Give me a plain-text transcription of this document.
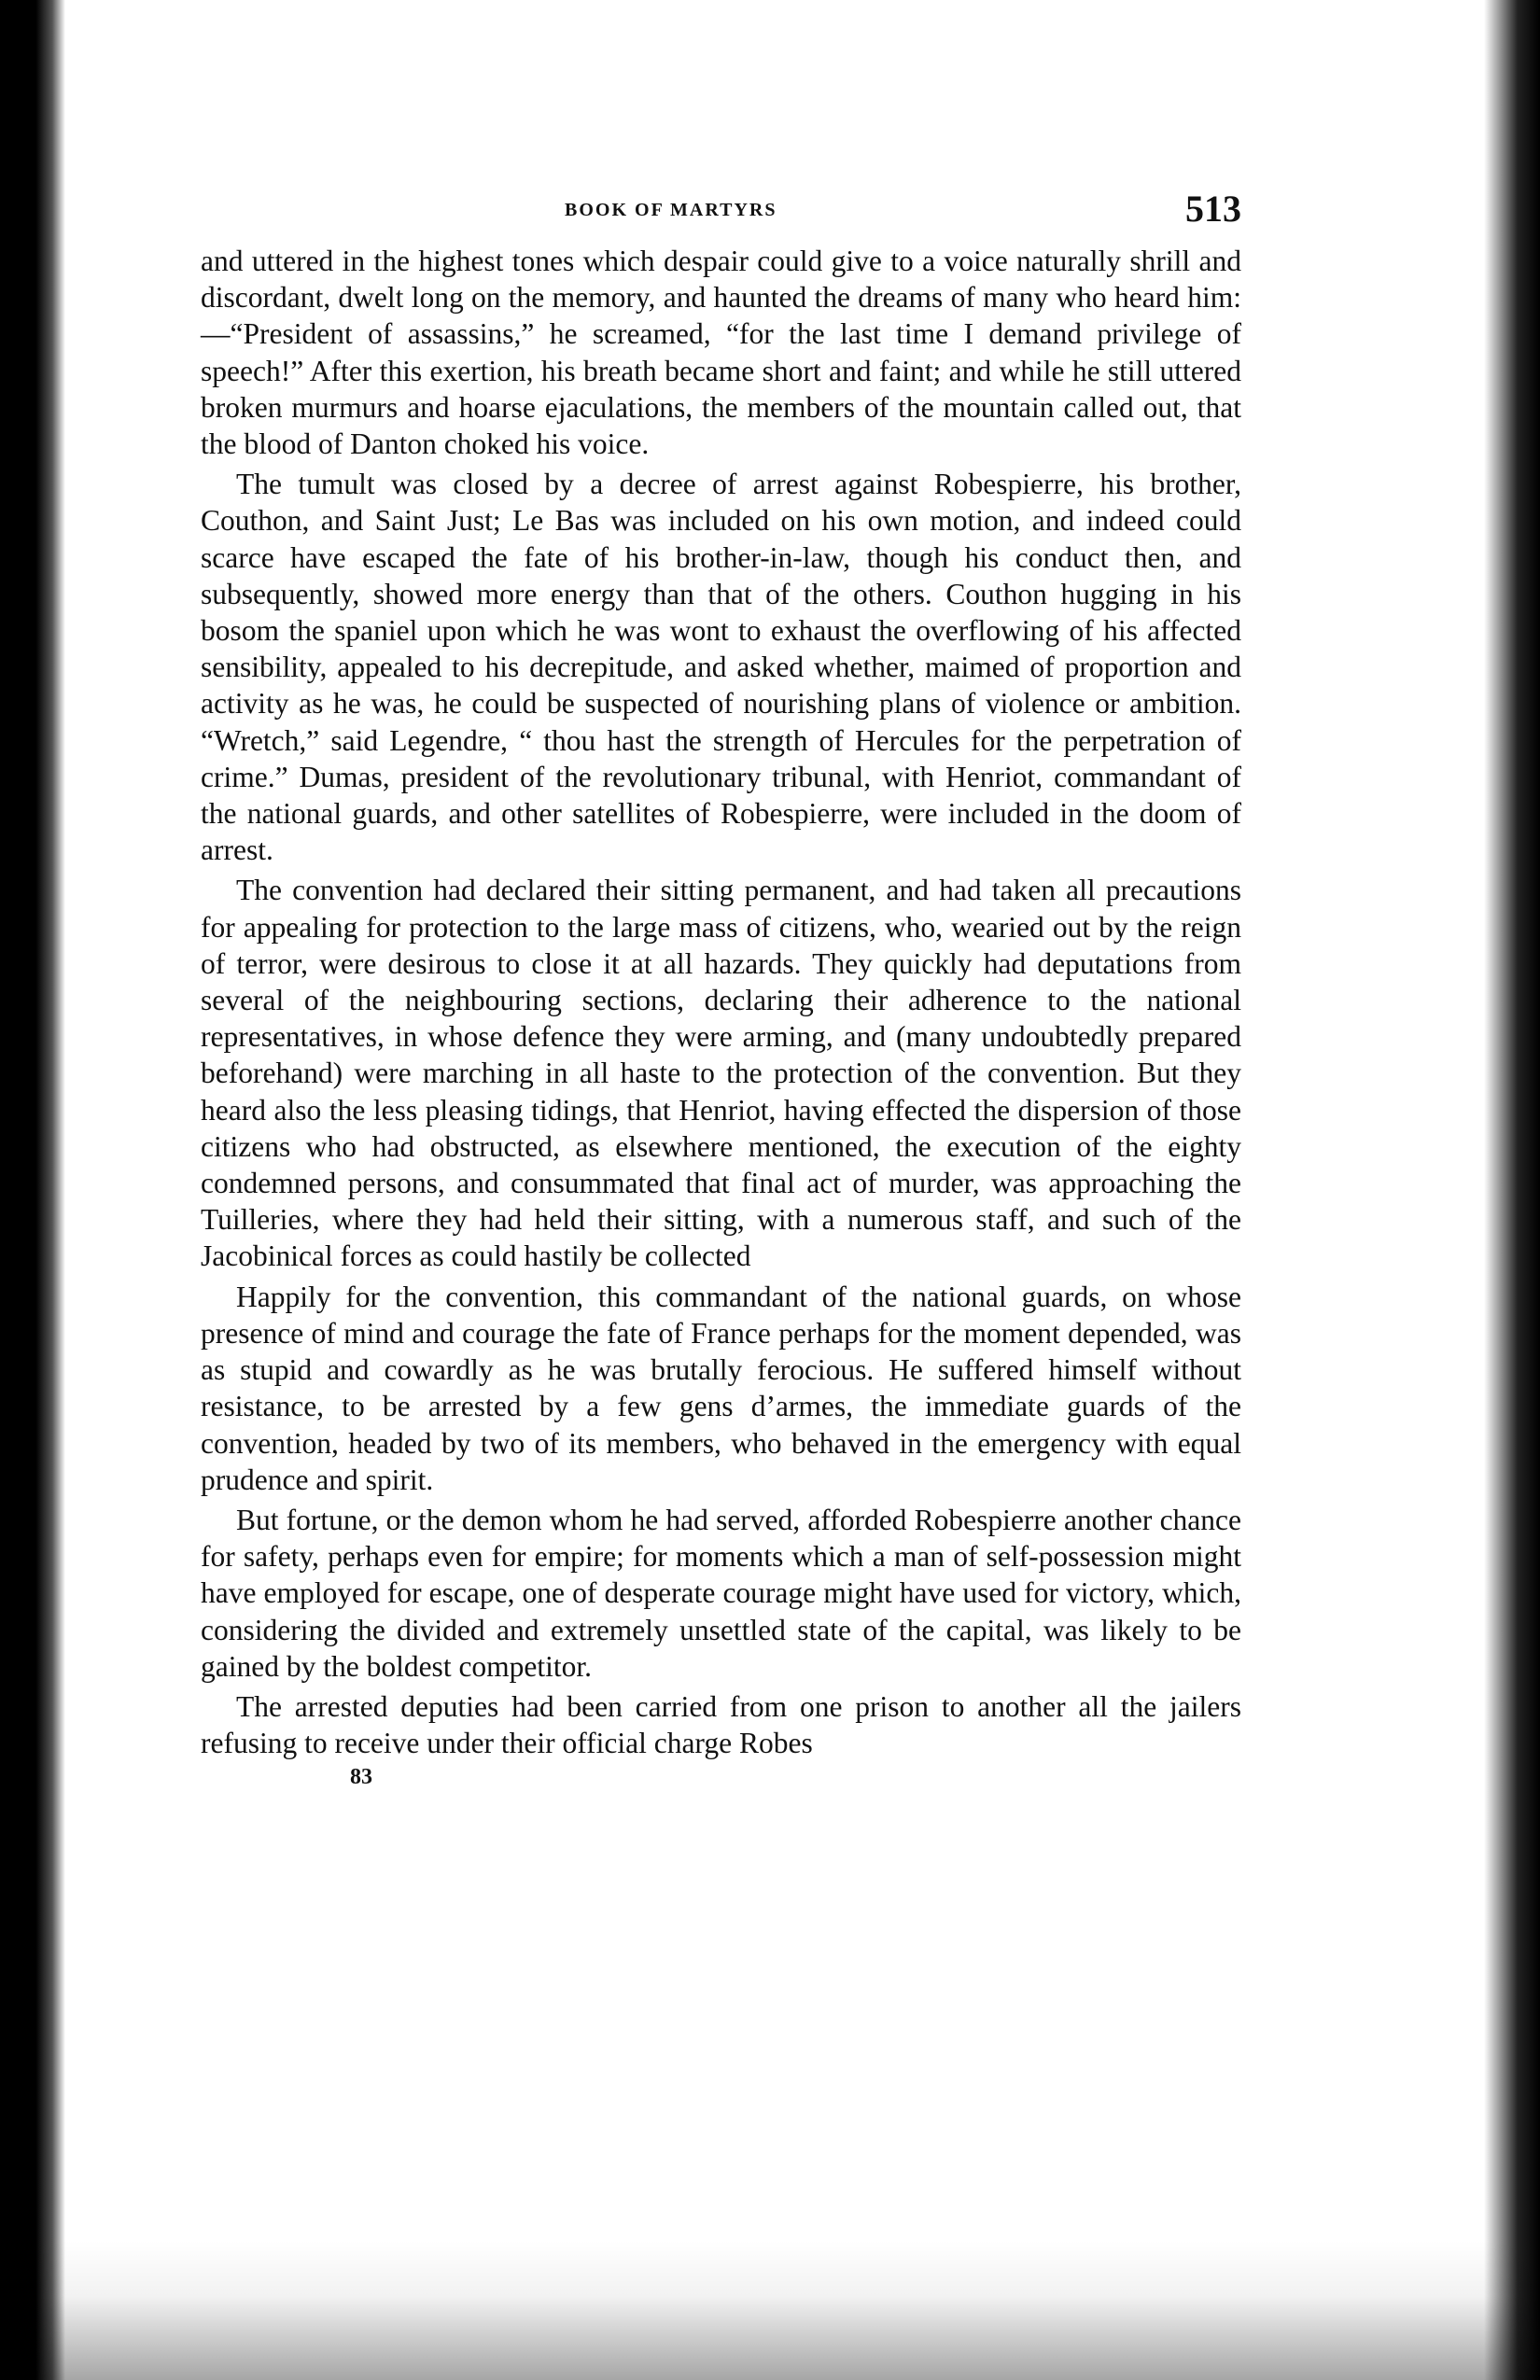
BOOK OF MARTYRS	513

and uttered in the highest tones which despair could give to a voice naturally shrill and discordant, dwelt long on the memory, and haunted the dreams of many who heard him:—“President of assassins,” he screamed, “for the last time I demand privilege of speech!” After this exertion, his breath became short and faint; and while he still uttered broken murmurs and hoarse ejaculations, the members of the mountain called out, that the blood of Danton choked his voice.

The tumult was closed by a decree of arrest against Robespierre, his brother, Couthon, and Saint Just; Le Bas was included on his own motion, and indeed could scarce have escaped the fate of his brother-in-law, though his conduct then, and subsequently, showed more energy than that of the others. Couthon hugging in his bosom the spaniel upon which he was wont to exhaust the overflowing of his affected sensibility, appealed to his decrepitude, and asked whether, maimed of proportion and activity as he was, he could be suspected of nourishing plans of violence or ambition. “Wretch,” said Legendre, “ thou hast the strength of Hercules for the perpetration of crime.” Dumas, president of the revolutionary tribunal, with Henriot, commandant of the national guards, and other satellites of Robespierre, were included in the doom of arrest.

The convention had declared their sitting permanent, and had taken all precautions for appealing for protection to the large mass of citizens, who, wearied out by the reign of terror, were desirous to close it at all hazards. They quickly had deputations from several of the neighbouring sections, declaring their adherence to the national representatives, in whose defence they were arming, and (many undoubtedly prepared beforehand) were marching in all haste to the protection of the convention. But they heard also the less pleasing tidings, that Henriot, having effected the dispersion of those citizens who had obstructed, as elsewhere mentioned, the execution of the eighty condemned persons, and consummated that final act of murder, was approaching the Tuilleries, where they had held their sitting, with a numerous staff, and such of the Jacobinical forces as could hastily be collected

Happily for the convention, this commandant of the national guards, on whose presence of mind and courage the fate of France perhaps for the moment depended, was as stupid and cowardly as he was brutally ferocious. He suffered himself without resistance, to be arrested by a few gens d’armes, the immediate guards of the convention, headed by two of its members, who behaved in the emergency with equal prudence and spirit.

But fortune, or the demon whom he had served, afforded Robespierre another chance for safety, perhaps even for empire; for moments which a man of self-possession might have employed for escape, one of desperate courage might have used for victory, which, considering the divided and extremely unsettled state of the capital, was likely to be gained by the boldest competitor.

The arrested deputies had been carried from one prison to another all the jailers refusing to receive under their official charge Robes

83
